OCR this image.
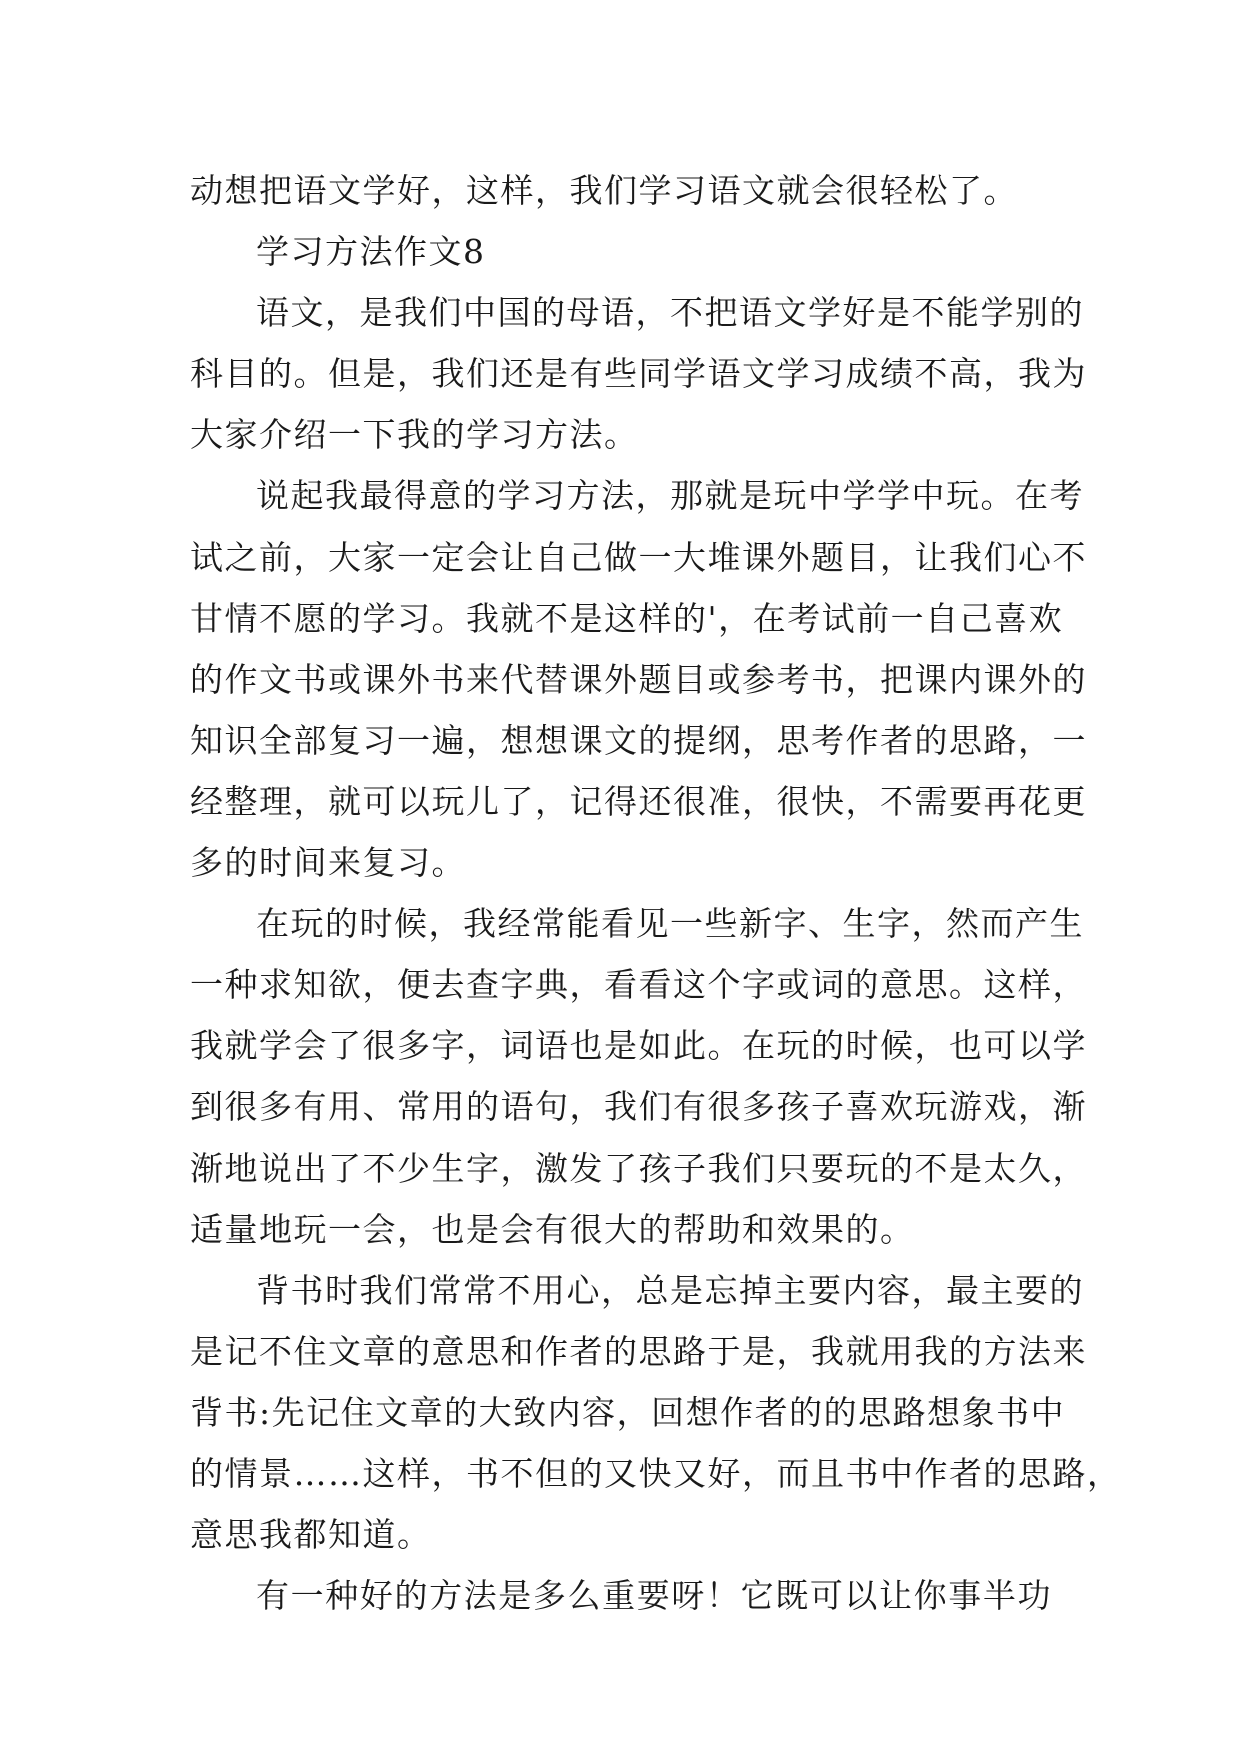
动想把语文学好，这样，我们学习语文就会很轻松了。
学习方法作文8
语文，是我们中国的母语，不把语文学好是不能学别的
科目的。但是，我们还是有些同学语文学习成绩不高，我为
大家介绍一下我的学习方法。
说起我最得意的学习方法，那就是玩中学学中玩。在考
试之前，大家一定会让自己做一大堆课外题目，让我们心不
甘情不愿的学习。我就不是这样的'，在考试前一自己喜欢
的作文书或课外书来代替课外题目或参考书，把课内课外的
知识全部复习一遍，想想课文的提纲，思考作者的思路，一
经整理，就可以玩儿了，记得还很准，很快，不需要再花更
多的时间来复习。
在玩的时候，我经常能看见一些新字、生字，然而产生
一种求知欲，便去查字典，看看这个字或词的意思。这样，
我就学会了很多字，词语也是如此。在玩的时候，也可以学
到很多有用、常用的语句，我们有很多孩子喜欢玩游戏，渐
渐地说出了不少生字，激发了孩子我们只要玩的不是太久，
适量地玩一会，也是会有很大的帮助和效果的。
背书时我们常常不用心，总是忘掉主要内容，最主要的
是记不住文章的意思和作者的思路于是，我就用我的方法来
背书:先记住文章的大致内容，回想作者的的思路想象书中
的情景……这样，书不但的又快又好，而且书中作者的思路，
意思我都知道。
有一种好的方法是多么重要呀！它既可以让你事半功
